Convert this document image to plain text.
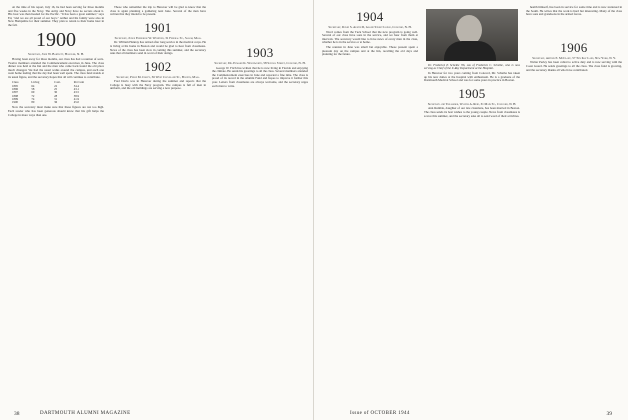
At the time of his report, July 16, he had been serving for three months and five weeks in the Navy. The Army and Navy have no secrets about it. His boat was then headed for the Pacific. "It has been a great summer," says Ed, "and we are all proud of our boys." Arthur and his family were also in New Hampshire for their summer. They plan to return to their home later in the fall.

1900

Secretary, John W. Bartlett, Hanover, N. H.

Having been away for three months, our class has had a reunion of sorts. Twelve members attended the Commencement exercises in June. The class dinner was held at the Inn and the men who came back found the old place much changed. We had the usual walks around the campus, and each one went home feeling that the day had been well spent. The class fund stands at its usual figure, and the secretary hopes that all will continue to contribute.

Class	Living	Cont.	Per Cent
1895	64	22	34.4
1896	58	25	43.1
1897	69	30	43.5
1898	72	28	38.9
1899	74	31	41.9
1900	80	36	45.0

Now the secretary must make sure that these figures are not too high. Each reader who has been generous should know that his gift helps the College in more ways than one.

Those who remember the trip to Hanover will be glad to know that the class is again planning a gathering next June. Several of the men have written that they intend to be present.

1901

Secretary, Judge Frederick W. Worthen, 31 Federal St., Salem, Mass.

Dr. William Hannay has retired after long service in the medical corps. He is living at his home in Boston and would be glad to hear from classmates. News of the class has been slow in coming this summer, and the secretary asks that all members send in word of their doings.

1902

Secretary, Philip M. Cristy, 36 West Cleveland St., Boston, Mass.

Fred Davis was in Hanover during the summer and reports that the College is busy with the Navy program. The campus is full of men in uniform, and the old buildings are serving a new purpose.

1903

Secretary, Dr. Edward K. Woodworth, 58 School Street, Concord, N. H.

George W. Fitch has written that he is now living in Florida and enjoying the climate. He sends his greetings to all the class. Several members attended the Commencement exercises in June and reported a fine time. The class is proud of its record in the Alumni Fund and hopes to improve it further this year. Letters from classmates are always welcome, and the secretary urges each man to write.

38	DARTMOUTH ALUMNI MAGAZINE
1904

Secretary, David S. Austin II, Grand Street Lodge, Concord, N. H.

Word comes from the Tuck School that the new program is going well. Several of our class have sons in the service, and we hear from them at intervals. The secretary would like to have news of every man in the class, whether he is in the service or at home.

The reunion in June was small but enjoyable. Those present spent a pleasant day on the campus and at the Inn, recalling the old days and planning for the future.

Dr. Frederick P. Scheibe '06, son of Frederick C. Scheibe, who is now serving as Chief of the X-Ray Department at the Hospital.

In Hanover for two years coming from Concord, Mr. Scheibe has taken up his new duties at the hospital with enthusiasm. He is a graduate of the Dartmouth Medical School and was for some years in practice in Boston.

1905

Secretary and Treasurer, Walter A. Reid, 31 Main St., Concord, N. H.

Ann Rumble, daughter of our late classmate, has been married in Boston. The class sends its best wishes to the young couple. News from classmates is scarce this summer, and the secretary asks all to send word of their activities.

health himself, has been in service for some time and is now stationed in the South. He writes that the work is hard but interesting. Many of the class have sons and grandsons in the armed forces.

1906

Secretary, Arthur E. McClary, 57 Ten Kay Lane, New York, N. Y.

Walter Perley has been called to active duty and is now serving with the Coast Guard. He sends greetings to all the class. The class fund is growing, and the secretary thanks all who have contributed.

39
Issue of OCTOBER 1944
